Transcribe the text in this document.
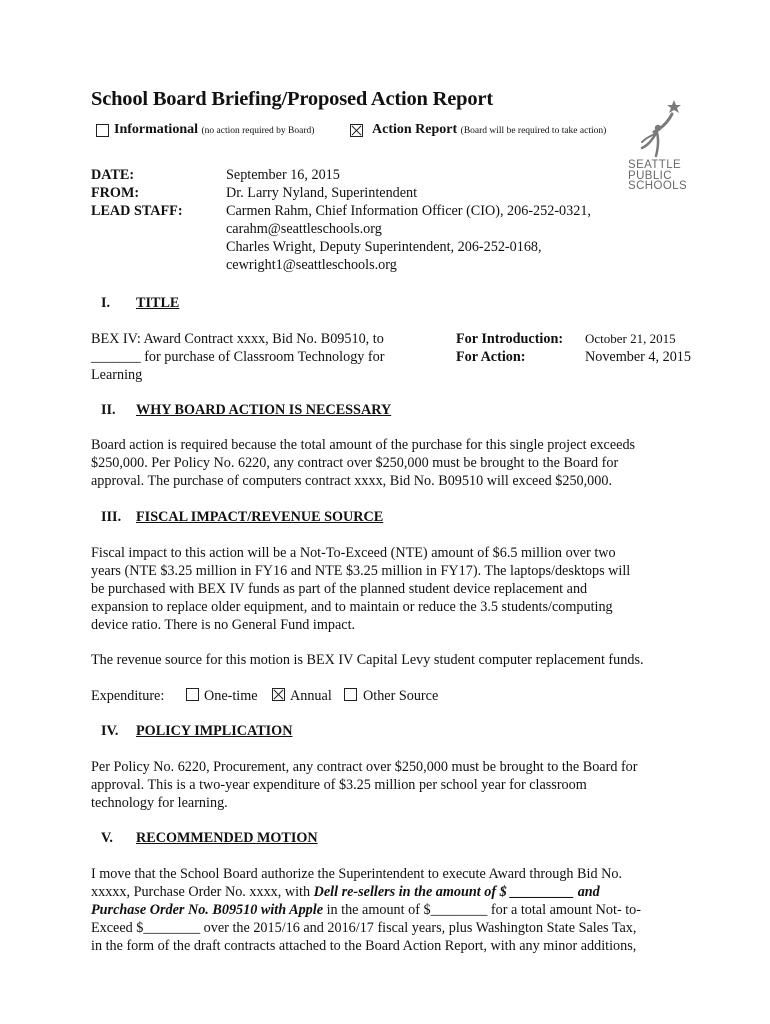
School Board Briefing/Proposed Action Report
Informational (no action required by Board)	Action Report (Board will be required to take action)
SEATTLE
PUBLIC
SCHOOLS
DATE:	September 16, 2015
FROM:	Dr. Larry Nyland, Superintendent
LEAD STAFF:	Carmen Rahm, Chief Information Officer (CIO), 206-252-0321,
carahm@seattleschools.org
Charles Wright, Deputy Superintendent, 206-252-0168,
cewright1@seattleschools.org
I. TITLE
BEX IV: Award Contract xxxx, Bid No. B09510, to
_______ for purchase of Classroom Technology for
Learning
For Introduction: October 21, 2015
For Action:	November 4, 2015
II. WHY BOARD ACTION IS NECESSARY
Board action is required because the total amount of the purchase for this single project exceeds
$250,000. Per Policy No. 6220, any contract over $250,000 must be brought to the Board for
approval. The purchase of computers contract xxxx, Bid No. B09510 will exceed $250,000.
III. FISCAL IMPACT/REVENUE SOURCE
Fiscal impact to this action will be a Not-To-Exceed (NTE) amount of $6.5 million over two
years (NTE $3.25 million in FY16 and NTE $3.25 million in FY17). The laptops/desktops will
be purchased with BEX IV funds as part of the planned student device replacement and
expansion to replace older equipment, and to maintain or reduce the 3.5 students/computing
device ratio. There is no General Fund impact.
The revenue source for this motion is BEX IV Capital Levy student computer replacement funds.
Expenditure:	One-time Annual Other Source
IV. POLICY IMPLICATION
Per Policy No. 6220, Procurement, any contract over $250,000 must be brought to the Board for
approval. This is a two-year expenditure of $3.25 million per school year for classroom
technology for learning.
V. RECOMMENDED MOTION
I move that the School Board authorize the Superintendent to execute Award through Bid No.
xxxxx, Purchase Order No. xxxx, with Dell re-sellers in the amount of $ _________ and
Purchase Order No. B09510 with Apple in the amount of $________ for a total amount Not- to-
Exceed $________ over the 2015/16 and 2016/17 fiscal years, plus Washington State Sales Tax,
in the form of the draft contracts attached to the Board Action Report, with any minor additions,
